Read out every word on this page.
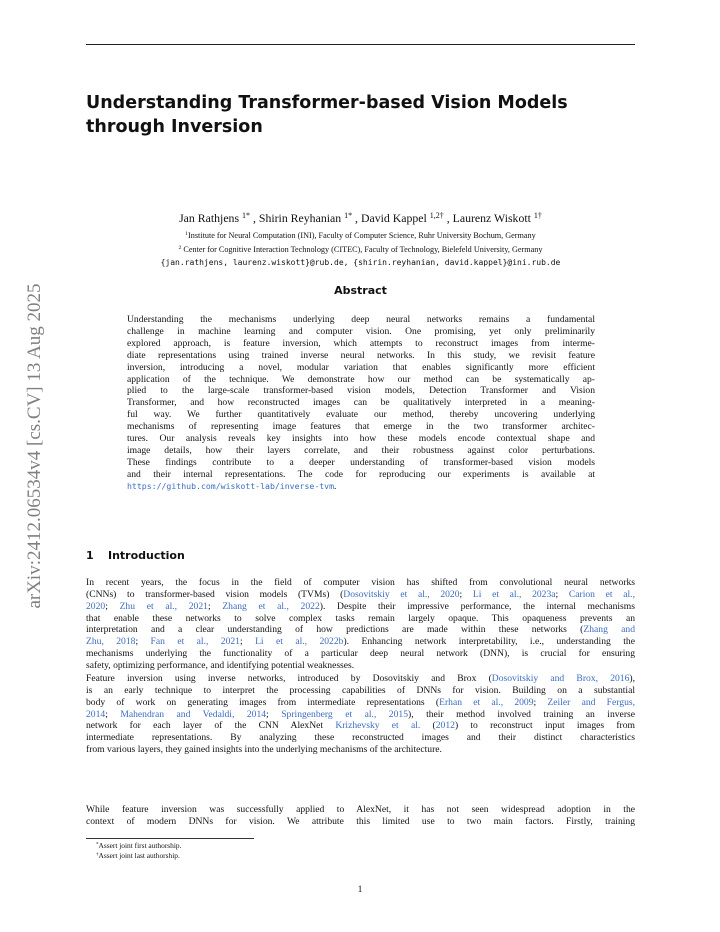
arXiv:2412.06534v4 [cs.CV] 13 Aug 2025
Understanding Transformer-based Vision Models
through Inversion
Jan Rathjens $^{1*}$ , Shirin Reyhanian $^{1*}$ , David Kappel $^{1,2\dagger}$ , Laurenz Wiskott $^{1\dagger}$
$^1$Institute for Neural Computation (INI), Faculty of Computer Science, Ruhr University Bochum, Germany
$^2$ Center for Cognitive Interaction Technology (CITEC), Faculty of Technology, Bielefeld University, Germany
{jan.rathjens, laurenz.wiskott}@rub.de, {shirin.reyhanian, david.kappel}@ini.rub.de
Abstract
Understanding the mechanisms underlying deep neural networks remains a fundamental
challenge in machine learning and computer vision. One promising, yet only preliminarily
explored approach, is feature inversion, which attempts to reconstruct images from interme-
diate representations using trained inverse neural networks. In this study, we revisit feature
inversion, introducing a novel, modular variation that enables significantly more efficient
application of the technique. We demonstrate how our method can be systematically ap-
plied to the large-scale transformer-based vision models, Detection Transformer and Vision
Transformer, and how reconstructed images can be qualitatively interpreted in a meaning-
ful way. We further quantitatively evaluate our method, thereby uncovering underlying
mechanisms of representing image features that emerge in the two transformer architec-
tures. Our analysis reveals key insights into how these models encode contextual shape and
image details, how their layers correlate, and their robustness against color perturbations.
These findings contribute to a deeper understanding of transformer-based vision models
and their internal representations. The code for reproducing our experiments is available at
https://github.com/wiskott-lab/inverse-tvm.
1 Introduction
In recent years, the focus in the field of computer vision has shifted from convolutional neural networks
(CNNs) to transformer-based vision models (TVMs) (Dosovitskiy et al., 2020; Li et al., 2023a; Carion et al.,
2020; Zhu et al., 2021; Zhang et al., 2022). Despite their impressive performance, the internal mechanisms
that enable these networks to solve complex tasks remain largely opaque. This opaqueness prevents an
interpretation and a clear understanding of how predictions are made within these networks (Zhang and
Zhu, 2018; Fan et al., 2021; Li et al., 2022b). Enhancing network interpretability, i.e., understanding the
mechanisms underlying the functionality of a particular deep neural network (DNN), is crucial for ensuring
safety, optimizing performance, and identifying potential weaknesses.
Feature inversion using inverse networks, introduced by Dosovitskiy and Brox (Dosovitskiy and Brox, 2016),
is an early technique to interpret the processing capabilities of DNNs for vision. Building on a substantial
body of work on generating images from intermediate representations (Erhan et al., 2009; Zeiler and Fergus,
2014; Mahendran and Vedaldi, 2014; Springenberg et al., 2015), their method involved training an inverse
network for each layer of the CNN AlexNet Krizhevsky et al. (2012) to reconstruct input images from
intermediate representations. By analyzing these reconstructed images and their distinct characteristics
from various layers, they gained insights into the underlying mechanisms of the architecture.
While feature inversion was successfully applied to AlexNet, it has not seen widespread adoption in the
context of modern DNNs for vision. We attribute this limited use to two main factors. Firstly, training
*Assert joint first authorship.
†Assert joint last authorship.
1
